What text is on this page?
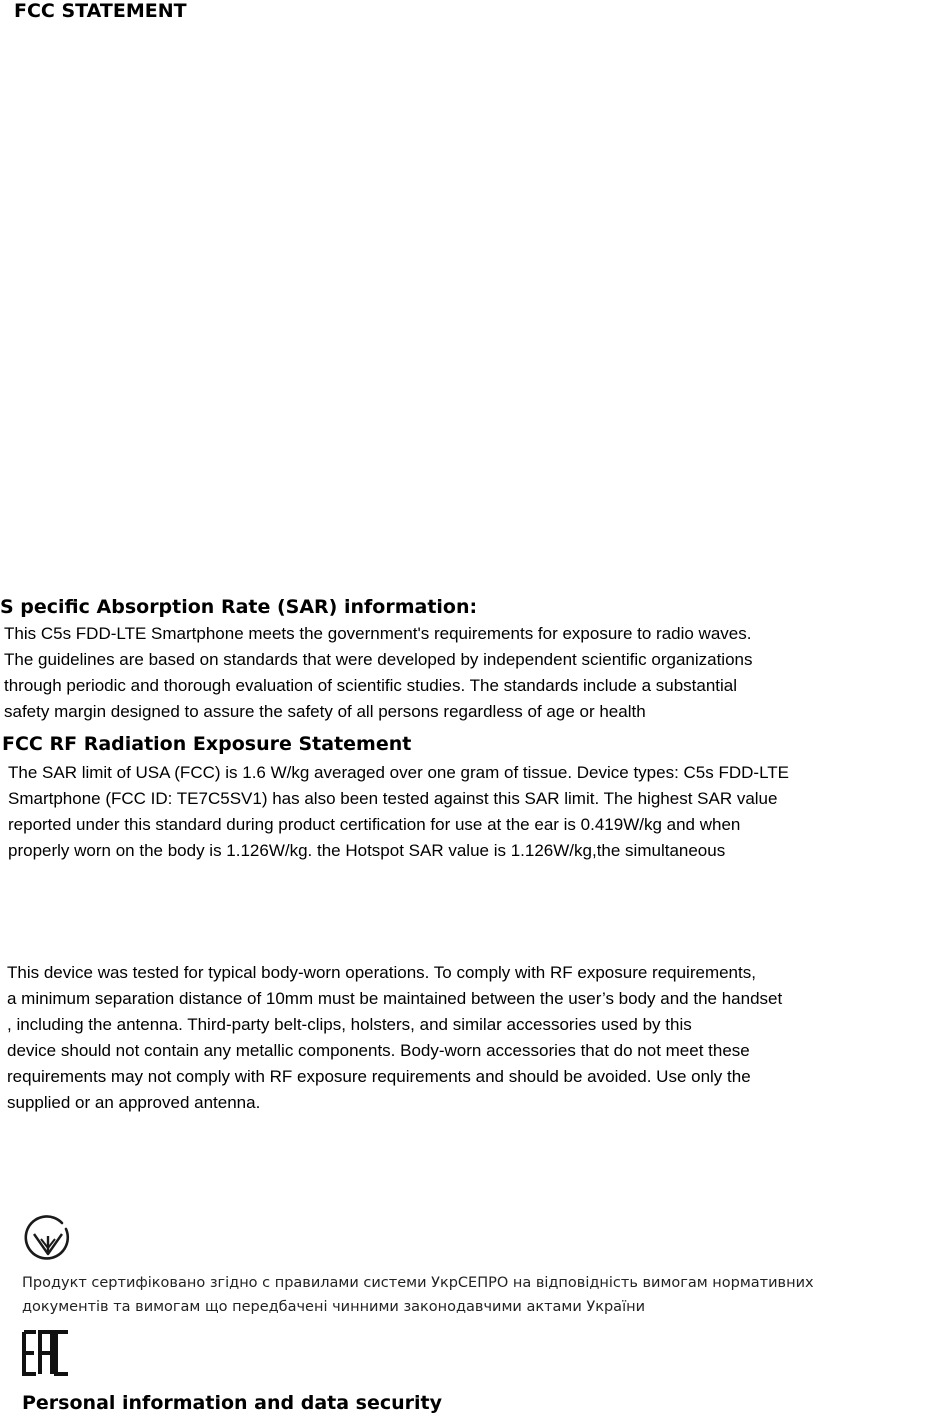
FCC STATEMENT
S pecific Absorption Rate (SAR) information:
This C5s FDD-LTE Smartphone meets the government's requirements for exposure to radio waves.
The guidelines are based on standards that were developed by independent scientific organizations
through periodic and thorough evaluation of scientific studies. The standards include a substantial
safety margin designed to assure the safety of all persons regardless of age or health
FCC RF Radiation Exposure Statement
The SAR limit of USA (FCC) is 1.6 W/kg averaged over one gram of tissue. Device types: C5s FDD-LTE
Smartphone (FCC ID: TE7C5SV1) has also been tested against this SAR limit. The highest SAR value
reported under this standard during product certification for use at the ear is 0.419W/kg and when
properly worn on the body is 1.126W/kg. the Hotspot SAR value is 1.126W/kg,the simultaneous
This device was tested for typical body-worn operations. To comply with RF exposure requirements,
a minimum separation distance of 10mm must be maintained between the user’s body and the handset
, including the antenna. Third-party belt-clips, holsters, and similar accessories used by this
device should not contain any metallic components. Body-worn accessories that do not meet these
requirements may not comply with RF exposure requirements and should be avoided. Use only the
supplied or an approved antenna.
Продукт сертифіковано згідно с правилами системи УкрСЕПРО на відповідність вимогам нормативних
документів та вимогам що передбачені чинними законодавчими актами України
Personal information and data security
